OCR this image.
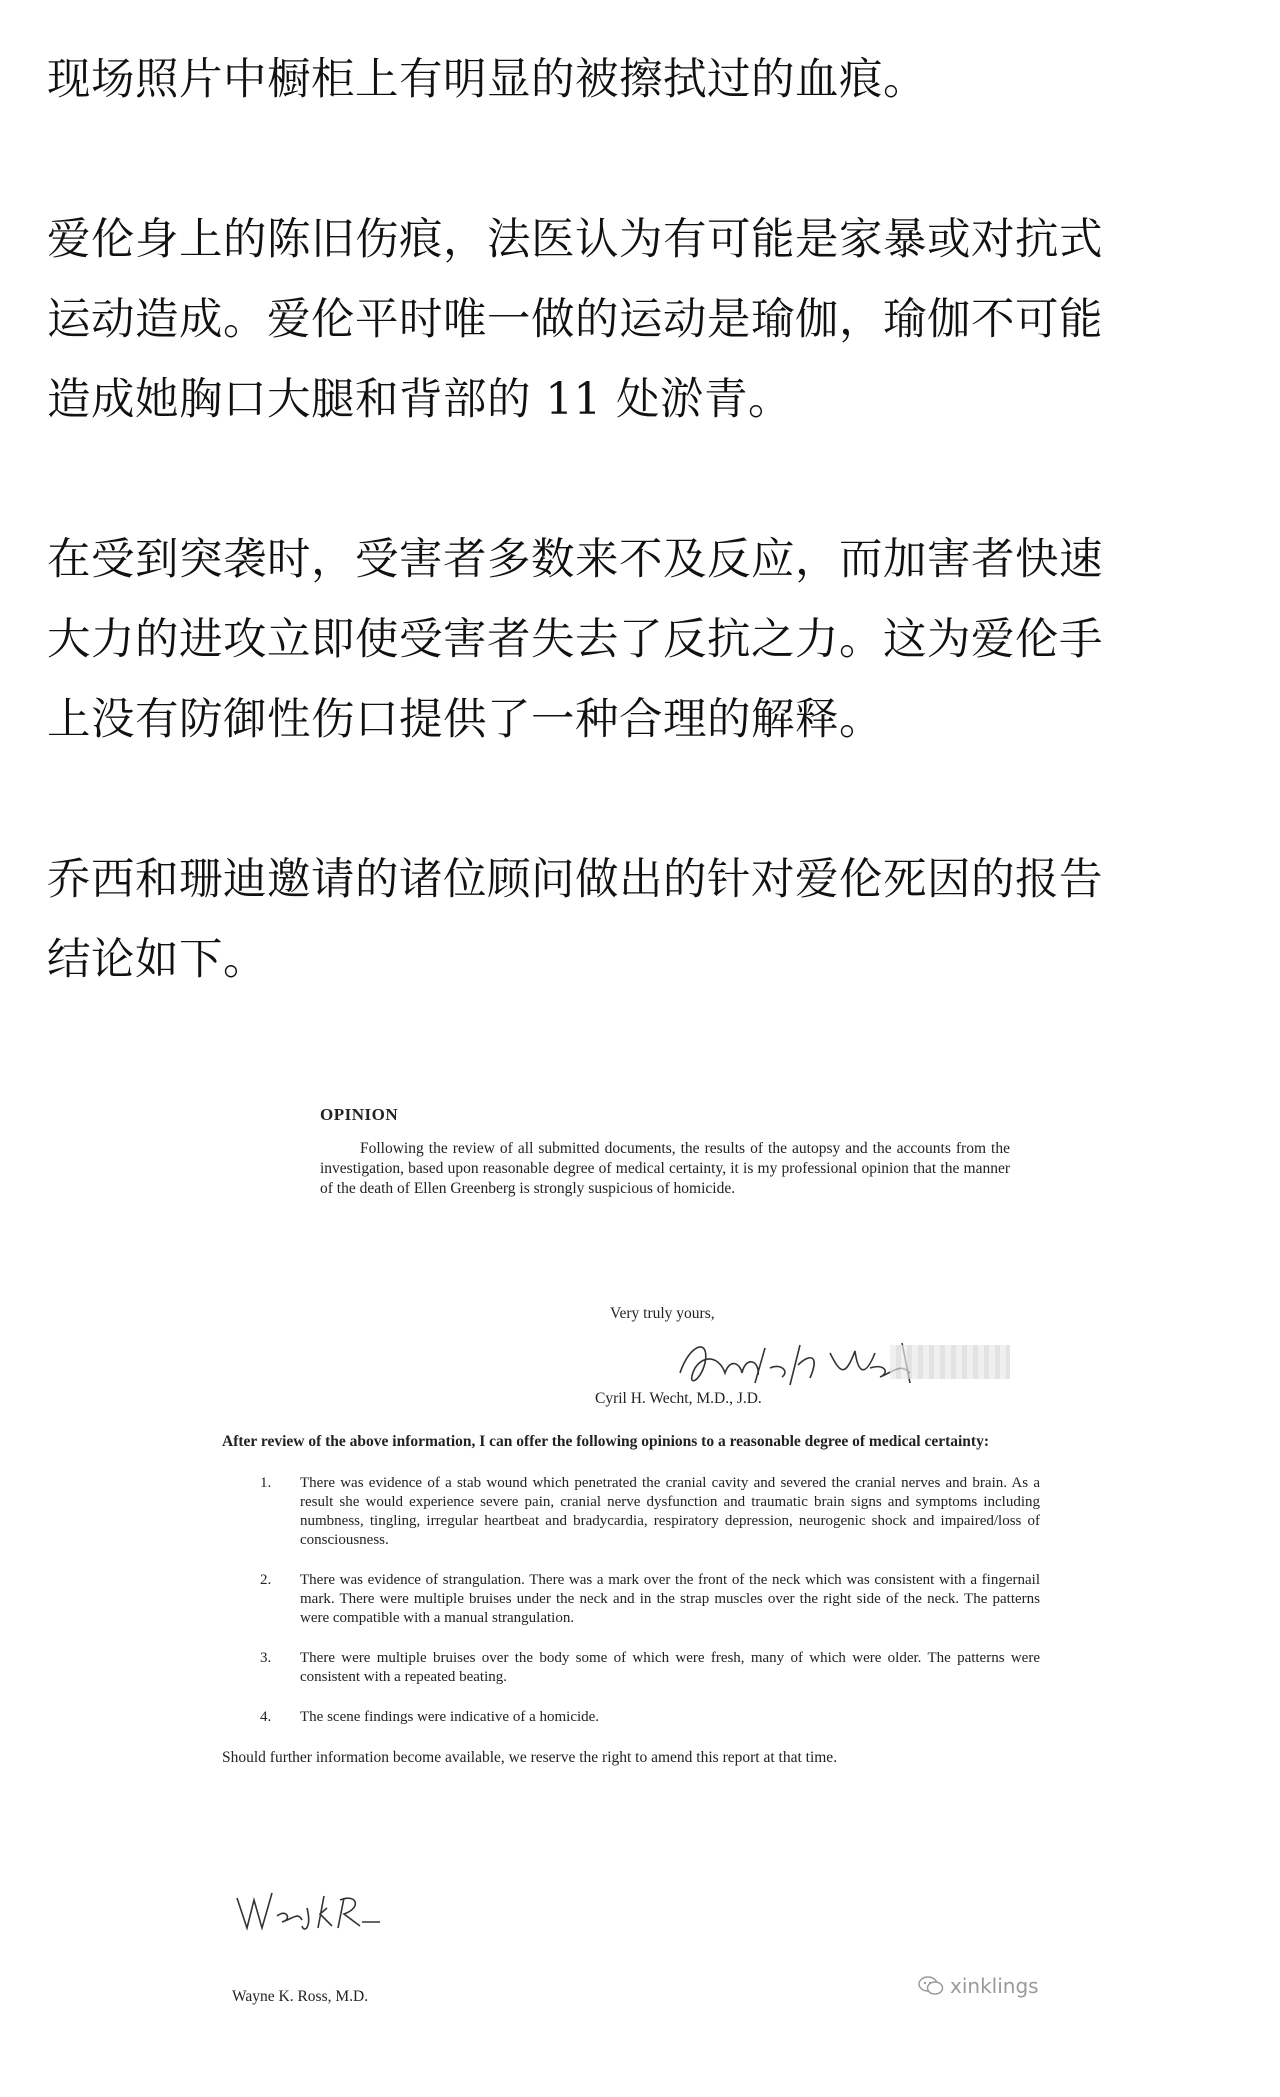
现场照片中橱柜上有明显的被擦拭过的血痕。
爱伦身上的陈旧伤痕，法医认为有可能是家暴或对抗式
运动造成。爱伦平时唯一做的运动是瑜伽，瑜伽不可能
造成她胸口大腿和背部的 11 处淤青。
在受到突袭时，受害者多数来不及反应，而加害者快速
大力的进攻立即使受害者失去了反抗之力。这为爱伦手
上没有防御性伤口提供了一种合理的解释。
乔西和珊迪邀请的诸位顾问做出的针对爱伦死因的报告
结论如下。
OPINION
Following the review of all submitted documents, the results of the autopsy and the accounts from the investigation, based upon reasonable degree of medical certainty, it is my professional opinion that the manner of the death of Ellen Greenberg is strongly suspicious of homicide.
Very truly yours,
Cyril H. Wecht, M.D., J.D.
After review of the above information, I can offer the following opinions to a reasonable degree of medical certainty:
1.	There was evidence of a stab wound which penetrated the cranial cavity and severed the cranial nerves and brain. As a result she would experience severe pain, cranial nerve dysfunction and traumatic brain signs and symptoms including numbness, tingling, irregular heartbeat and bradycardia, respiratory depression, neurogenic shock and impaired/loss of consciousness.
2.	There was evidence of strangulation. There was a mark over the front of the neck which was consistent with a fingernail mark. There were multiple bruises under the neck and in the strap muscles over the right side of the neck. The patterns were compatible with a manual strangulation.
3.	There were multiple bruises over the body some of which were fresh, many of which were older. The patterns were consistent with a repeated beating.
4.	The scene findings were indicative of a homicide.
Should further information become available, we reserve the right to amend this report at that time.
Wayne K. Ross, M.D.	xinklings
